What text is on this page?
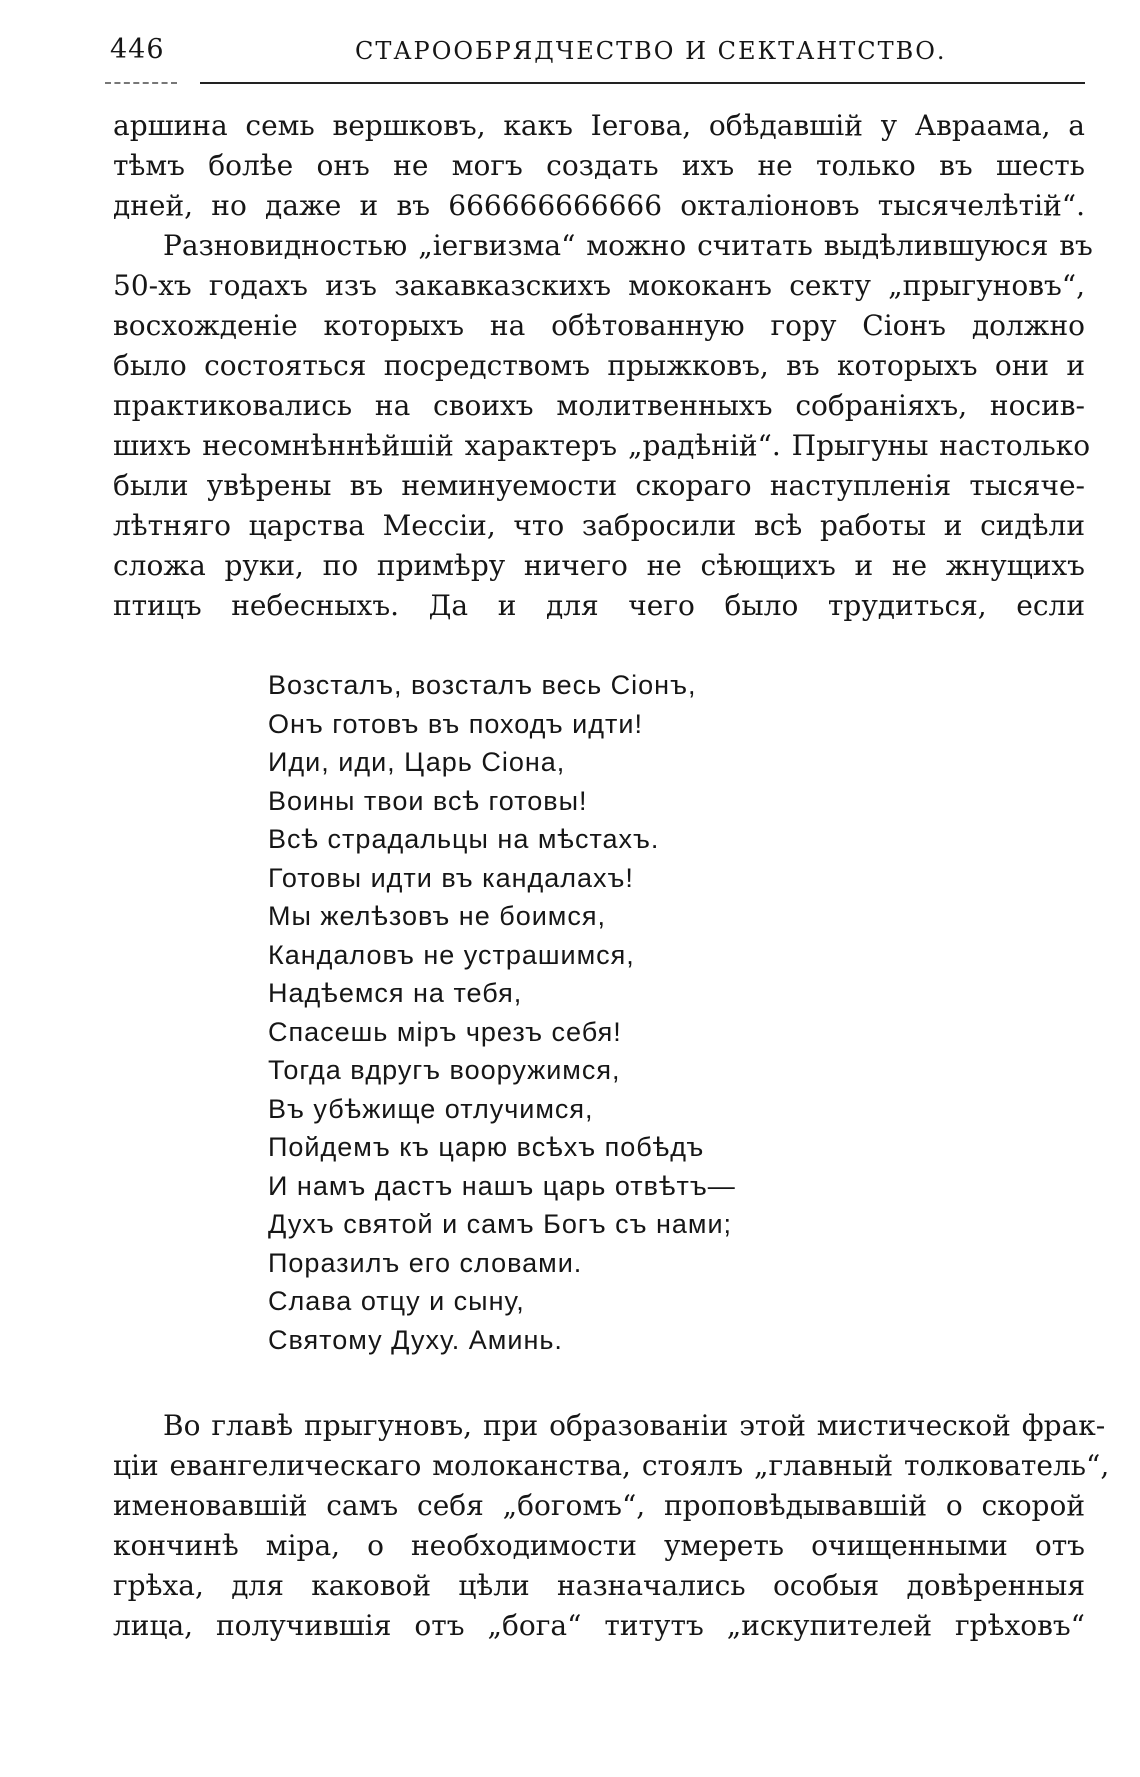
446	СТАРООБРЯДЧЕСТВО И СЕКТАНТСТВО.
аршина семь вершковъ, какъ Iегова, обѣдавшiй у Авраама, а
тѣмъ болѣе онъ не могъ создать ихъ не только въ шесть
дней, но даже и въ 666666666666 окталiоновъ тысячелѣтiй“.
Разновидностью „iегвизма“ можно считать выдѣлившуюся въ
50-хъ годахъ изъ закавказскихъ мококанъ секту „прыгуновъ“,
восхожденiе которыхъ на обѣтованную гору Сiонъ должно
было состояться посредствомъ прыжковъ, въ которыхъ они и
практиковались на своихъ молитвенныхъ собранiяхъ, носив-
шихъ несомнѣннѣйшiй характеръ „радѣнiй“. Прыгуны настолько
были увѣрены въ неминуемости скораго наступленiя тысяче-
лѣтняго царства Мессiи, что забросили всѣ работы и сидѣли
сложа руки, по примѣру ничего не сѣющихъ и не жнущихъ
птицъ небесныхъ. Да и для чего было трудиться, если
Возсталъ, возсталъ весь Сiонъ,
Онъ готовъ въ походъ идти!
Иди, иди, Царь Сiона,
Воины твои всѣ готовы!
Всѣ страдальцы на мѣстахъ.
Готовы идти въ кандалахъ!
Мы желѣзовъ не боимся,
Кандаловъ не устрашимся,
Надѣемся на тебя,
Спасешь мiръ чрезъ себя!
Тогда вдругъ вооружимся,
Въ убѣжище отлучимся,
Пойдемъ къ царю всѣхъ побѣдъ
И намъ дастъ нашъ царь отвѣтъ—
Духъ святой и самъ Богъ съ нами;
Поразилъ его словами.
Слава отцу и сыну,
Святому Духу. Аминь.
Во главѣ прыгуновъ, при образованiи этой мистической фрак-
цiи евангелическаго молоканства, стоялъ „главный толкователь“,
именовавшiй самъ себя „богомъ“, проповѣдывавшiй о скорой
кончинѣ мiра, о необходимости умереть очищенными отъ
грѣха, для каковой цѣли назначались особыя довѣренныя
лица, получившiя отъ „бога“ титутъ „искупителей грѣховъ“
